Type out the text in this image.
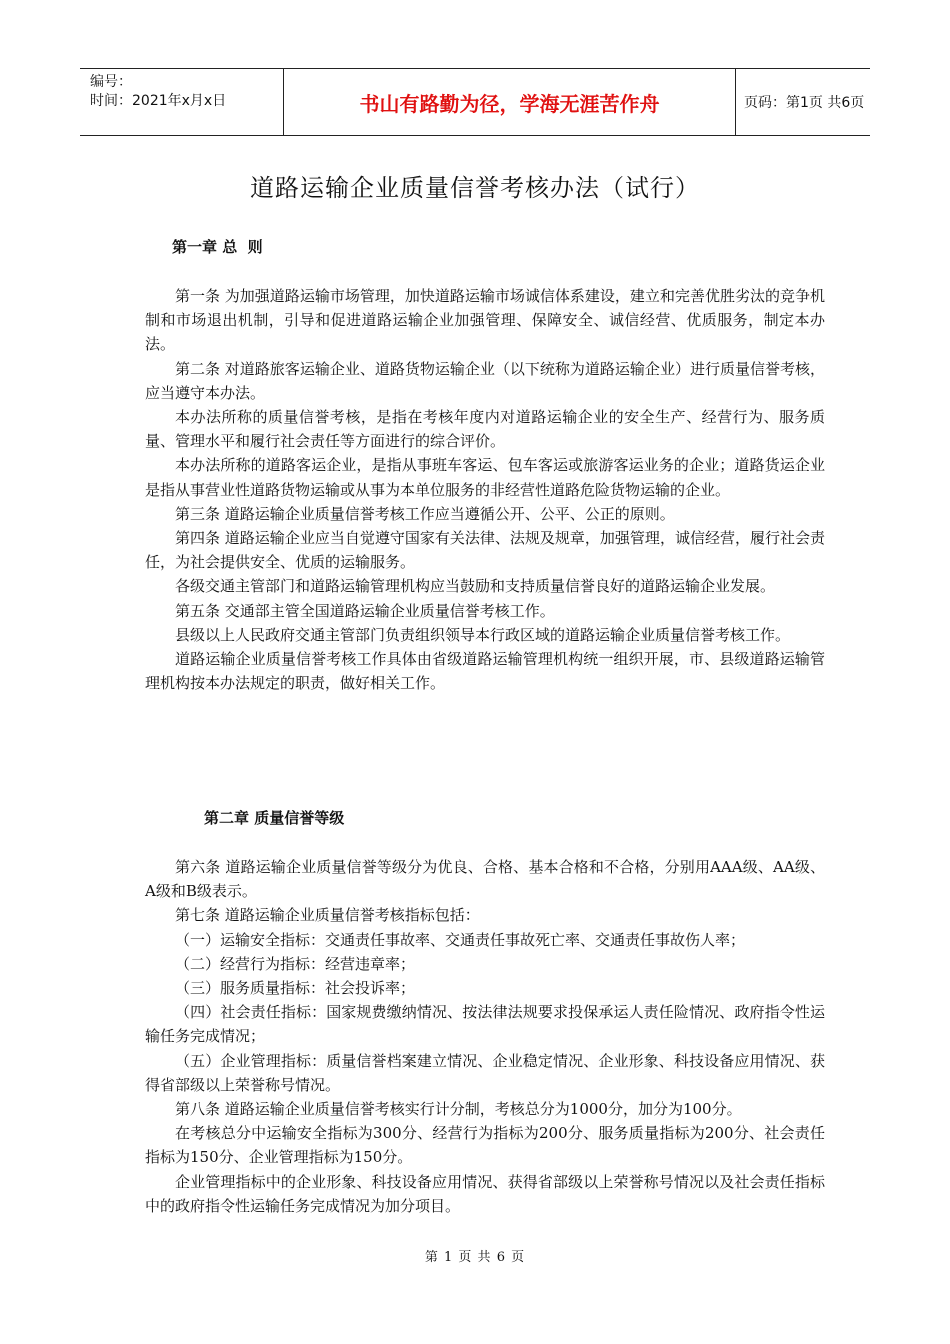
编号：
时间：2021年x月x日	书山有路勤为径，学海无涯苦作舟	页码：第1页 共6页
道路运输企业质量信誉考核办法（试行）
第一章 总  则

第一条 为加强道路运输市场管理，加快道路运输市场诚信体系建设，建立和完善优胜劣汰的竞争机制和市场退出机制，引导和促进道路运输企业加强管理、保障安全、诚信经营、优质服务，制定本办法。

第二条 对道路旅客运输企业、道路货物运输企业（以下统称为道路运输企业）进行质量信誉考核，应当遵守本办法。

本办法所称的质量信誉考核，是指在考核年度内对道路运输企业的安全生产、经营行为、服务质量、管理水平和履行社会责任等方面进行的综合评价。

本办法所称的道路客运企业，是指从事班车客运、包车客运或旅游客运业务的企业；道路货运企业是指从事营业性道路货物运输或从事为本单位服务的非经营性道路危险货物运输的企业。

第三条 道路运输企业质量信誉考核工作应当遵循公开、公平、公正的原则。

第四条 道路运输企业应当自觉遵守国家有关法律、法规及规章，加强管理，诚信经营，履行社会责任，为社会提供安全、优质的运输服务。

各级交通主管部门和道路运输管理机构应当鼓励和支持质量信誉良好的道路运输企业发展。

第五条 交通部主管全国道路运输企业质量信誉考核工作。

县级以上人民政府交通主管部门负责组织领导本行政区域的道路运输企业质量信誉考核工作。

道路运输企业质量信誉考核工作具体由省级道路运输管理机构统一组织开展，市、县级道路运输管理机构按本办法规定的职责，做好相关工作。

第二章 质量信誉等级

第六条 道路运输企业质量信誉等级分为优良、合格、基本合格和不合格，分别用AAA级、AA级、A级和B级表示。

第七条 道路运输企业质量信誉考核指标包括：

（一）运输安全指标：交通责任事故率、交通责任事故死亡率、交通责任事故伤人率；

（二）经营行为指标：经营违章率；

（三）服务质量指标：社会投诉率；

（四）社会责任指标：国家规费缴纳情况、按法律法规要求投保承运人责任险情况、政府指令性运输任务完成情况；

（五）企业管理指标：质量信誉档案建立情况、企业稳定情况、企业形象、科技设备应用情况、获得省部级以上荣誉称号情况。

第八条 道路运输企业质量信誉考核实行计分制，考核总分为1000分，加分为100分。

在考核总分中运输安全指标为300分、经营行为指标为200分、服务质量指标为200分、社会责任指标为150分、企业管理指标为150分。

企业管理指标中的企业形象、科技设备应用情况、获得省部级以上荣誉称号情况以及社会责任指标中的政府指令性运输任务完成情况为加分项目。

第 1 页 共 6 页
